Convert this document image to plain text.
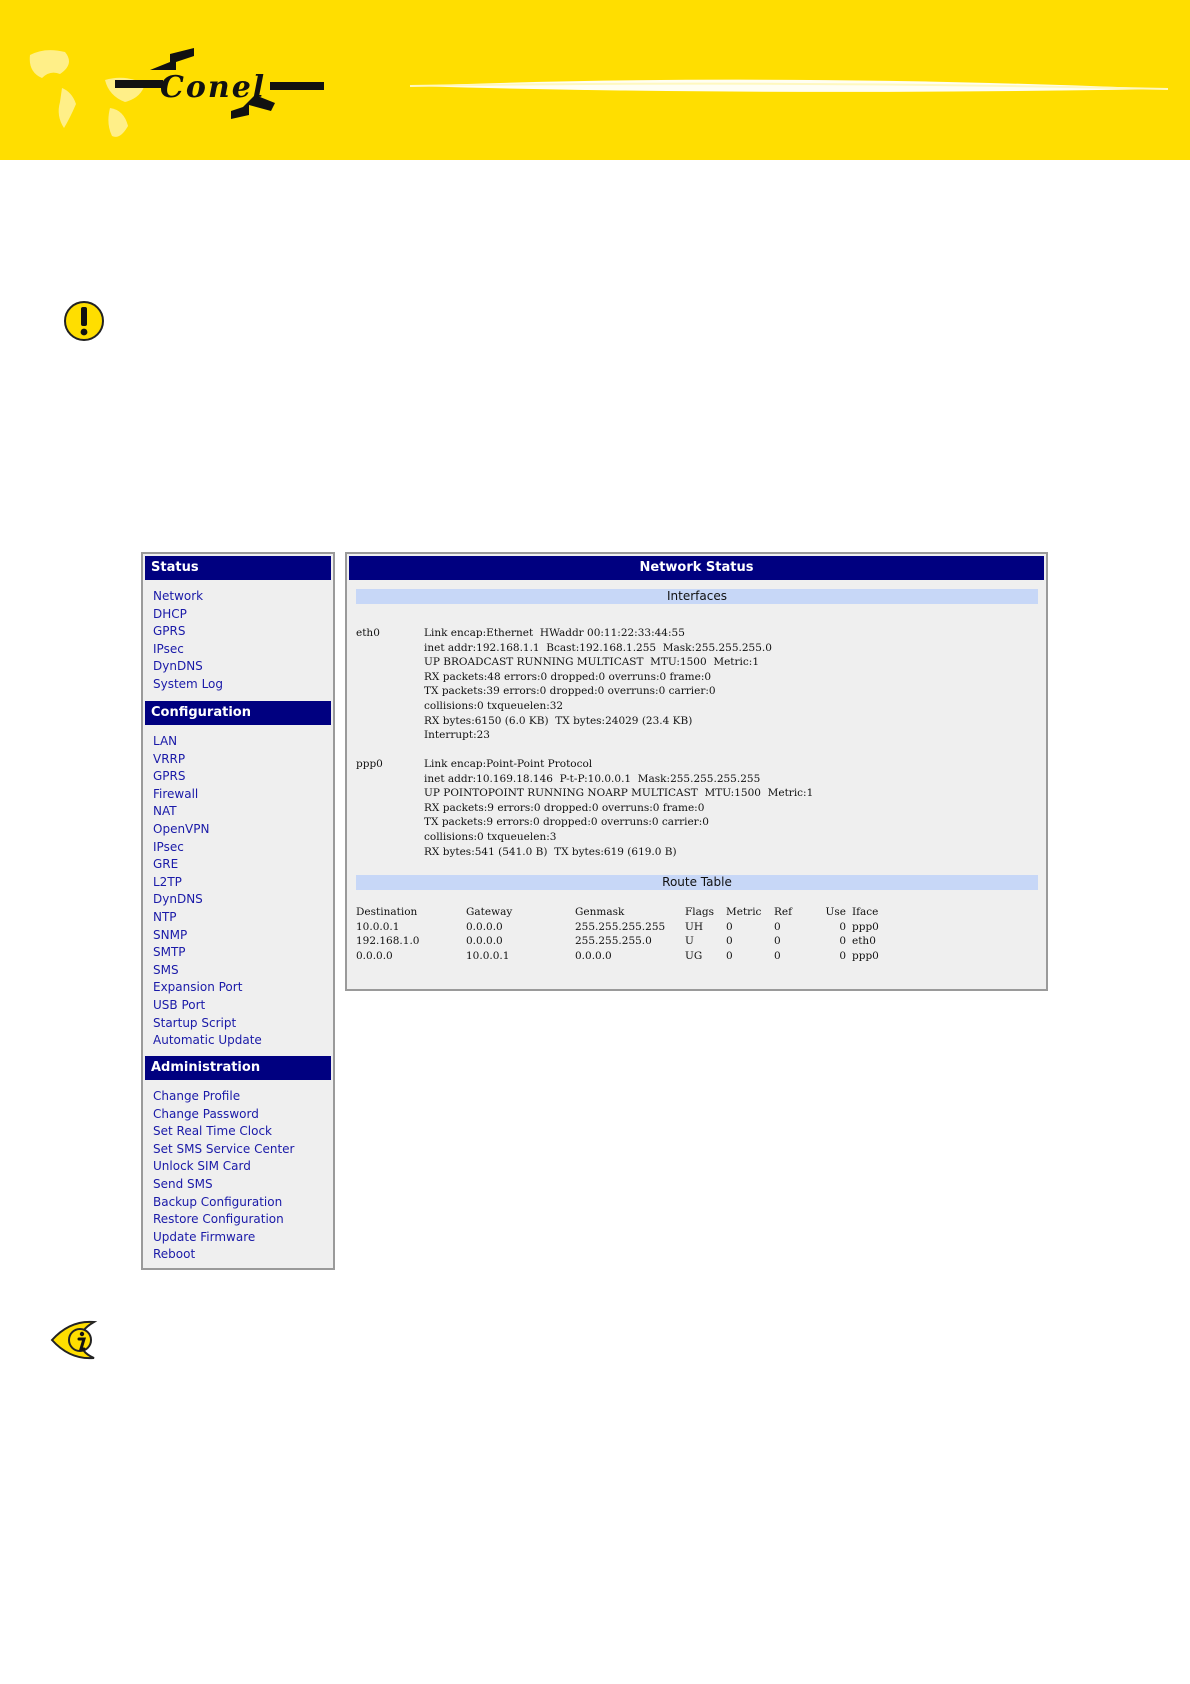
Conel
Status
Network
DHCP
GPRS
IPsec
DynDNS
System Log
Configuration
LAN
VRRP
GPRS
Firewall
NAT
OpenVPN
IPsec
GRE
L2TP
DynDNS
NTP
SNMP
SMTP
SMS
Expansion Port
USB Port
Startup Script
Automatic Update
Administration
Change Profile
Change Password
Set Real Time Clock
Set SMS Service Center
Unlock SIM Card
Send SMS
Backup Configuration
Restore Configuration
Update Firmware
Reboot
Network Status
Interfaces
eth0	Link encap:Ethernet  HWaddr 00:11:22:33:44:55
inet addr:192.168.1.1  Bcast:192.168.1.255  Mask:255.255.255.0
UP BROADCAST RUNNING MULTICAST  MTU:1500  Metric:1
RX packets:48 errors:0 dropped:0 overruns:0 frame:0
TX packets:39 errors:0 dropped:0 overruns:0 carrier:0
collisions:0 txqueuelen:32
RX bytes:6150 (6.0 KB)  TX bytes:24029 (23.4 KB)
Interrupt:23
ppp0	Link encap:Point-Point Protocol
inet addr:10.169.18.146  P-t-P:10.0.0.1  Mask:255.255.255.255
UP POINTOPOINT RUNNING NOARP MULTICAST  MTU:1500  Metric:1
RX packets:9 errors:0 dropped:0 overruns:0 frame:0
TX packets:9 errors:0 dropped:0 overruns:0 carrier:0
collisions:0 txqueuelen:3
RX bytes:541 (541.0 B)  TX bytes:619 (619.0 B)
Route Table
Destination	Gateway	Genmask	Flags	Metric	Ref	Use	Iface
10.0.0.1	0.0.0.0	255.255.255.255	UH	0	0	0	ppp0
192.168.1.0	0.0.0.0	255.255.255.0	U	0	0	0	eth0
0.0.0.0	10.0.0.1	0.0.0.0	UG	0	0	0	ppp0
